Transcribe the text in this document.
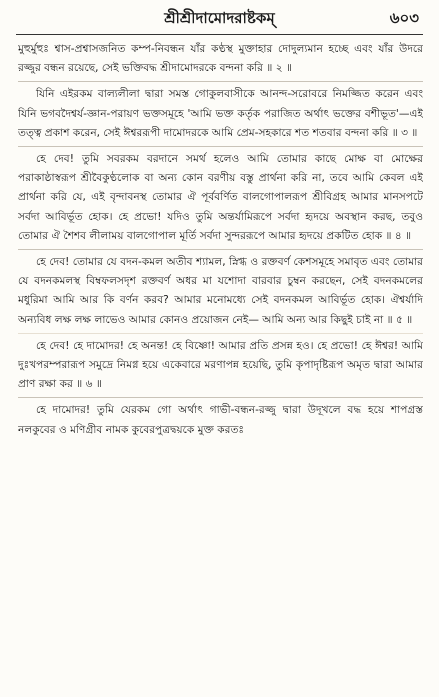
শ্রীশ্রীদামোদরাষ্টকম্	৬০৩

মুহুর্মুহুঃ শ্বাস-প্রশ্বাসজনিত কম্প-নিবন্ধন যাঁর কণ্ঠস্থ মুক্তাহার দোদুল্যমান হচ্ছে এবং যাঁর উদরে রজ্জুর বন্ধন রয়েছে, সেই ভক্তিবদ্ধ শ্রীদামোদরকে বন্দনা করি ॥ ২ ॥

যিনি এইরকম বাল্যলীলা দ্বারা সমস্ত গোকুলবাসীকে আনন্দ-সরোবরে নিমজ্জিত করেন এবং যিনি ভগবদৈশ্বর্য-জ্ঞান-পরায়ণ ভক্তসমূহে 'আমি ভক্ত কর্তৃক পরাজিত অর্থাৎ ভক্তের বশীভূত'—এই তত্ত্ব প্রকাশ করেন, সেই ঈশ্বররূপী দামোদরকে আমি প্রেম-সহকারে শত শতবার বন্দনা করি ॥ ৩ ॥

হে দেব! তুমি সবরকম বরদানে সমর্থ হলেও আমি তোমার কাছে মোক্ষ বা মোক্ষের পরাকাষ্ঠাস্বরূপ শ্রীবৈকুণ্ঠলোক বা অন্য কোন বরণীয় বস্তু প্রার্থনা করি না, তবে আমি কেবল এই প্রার্থনা করি যে, এই বৃন্দাবনস্থ তোমার ঐ পূর্ববর্ণিত বালগোপালরূপ শ্রীবিগ্রহ আমার মানসপটে সর্বদা আবির্ভূত হোক। হে প্রভো! যদিও তুমি অন্তর্যামিরূপে সর্বদা হৃদয়ে অবস্থান করছ, তবুও তোমার ঐ শৈশব লীলাময় বালগোপাল মূর্তি সর্বদা সুন্দররূপে আমার হৃদয়ে প্রকটিত হোক ॥ ৪ ॥

হে দেব! তোমার যে বদন-কমল অতীব শ্যামল, স্নিগ্ধ ও রক্তবর্ণ কেশসমূহে সমাবৃত এবং তোমার যে বদনকমলস্থ বিম্বফলসদৃশ রক্তবর্ণ অধর মা যশোদা বারবার চুম্বন করছেন, সেই বদনকমলের মধুরিমা আমি আর কি বর্ণন করব? আমার মনোমধ্যে সেই বদনকমল আবির্ভূত হোক। ঐশ্বর্যাদি অন্যবিধ লক্ষ লক্ষ লাভেও আমার কোনও প্রয়োজন নেই— আমি অন্য আর কিছুই চাই না ॥ ৫ ॥

হে দেব! হে দামোদর! হে অনন্ত! হে বিষ্ণো! আমার প্রতি প্রসন্ন হও। হে প্রভো! হে ঈশ্বর! আমি দুঃখপরম্পরারূপ সমুদ্রে নিমগ্ন হয়ে একেবারে মরণাপন্ন হয়েছি, তুমি কৃপাদৃষ্টিরূপ অমৃত দ্বারা আমার প্রাণ রক্ষা কর ॥ ৬ ॥

হে দামোদর! তুমি যেরকম গো অর্থাৎ গাভী-বন্ধন-রজ্জু দ্বারা উদূখলে বদ্ধ হয়ে শাপগ্রস্ত নলকুবের ও মণিগ্রীব নামক কুবেরপুত্রদ্বয়কে মুক্ত করতঃ
